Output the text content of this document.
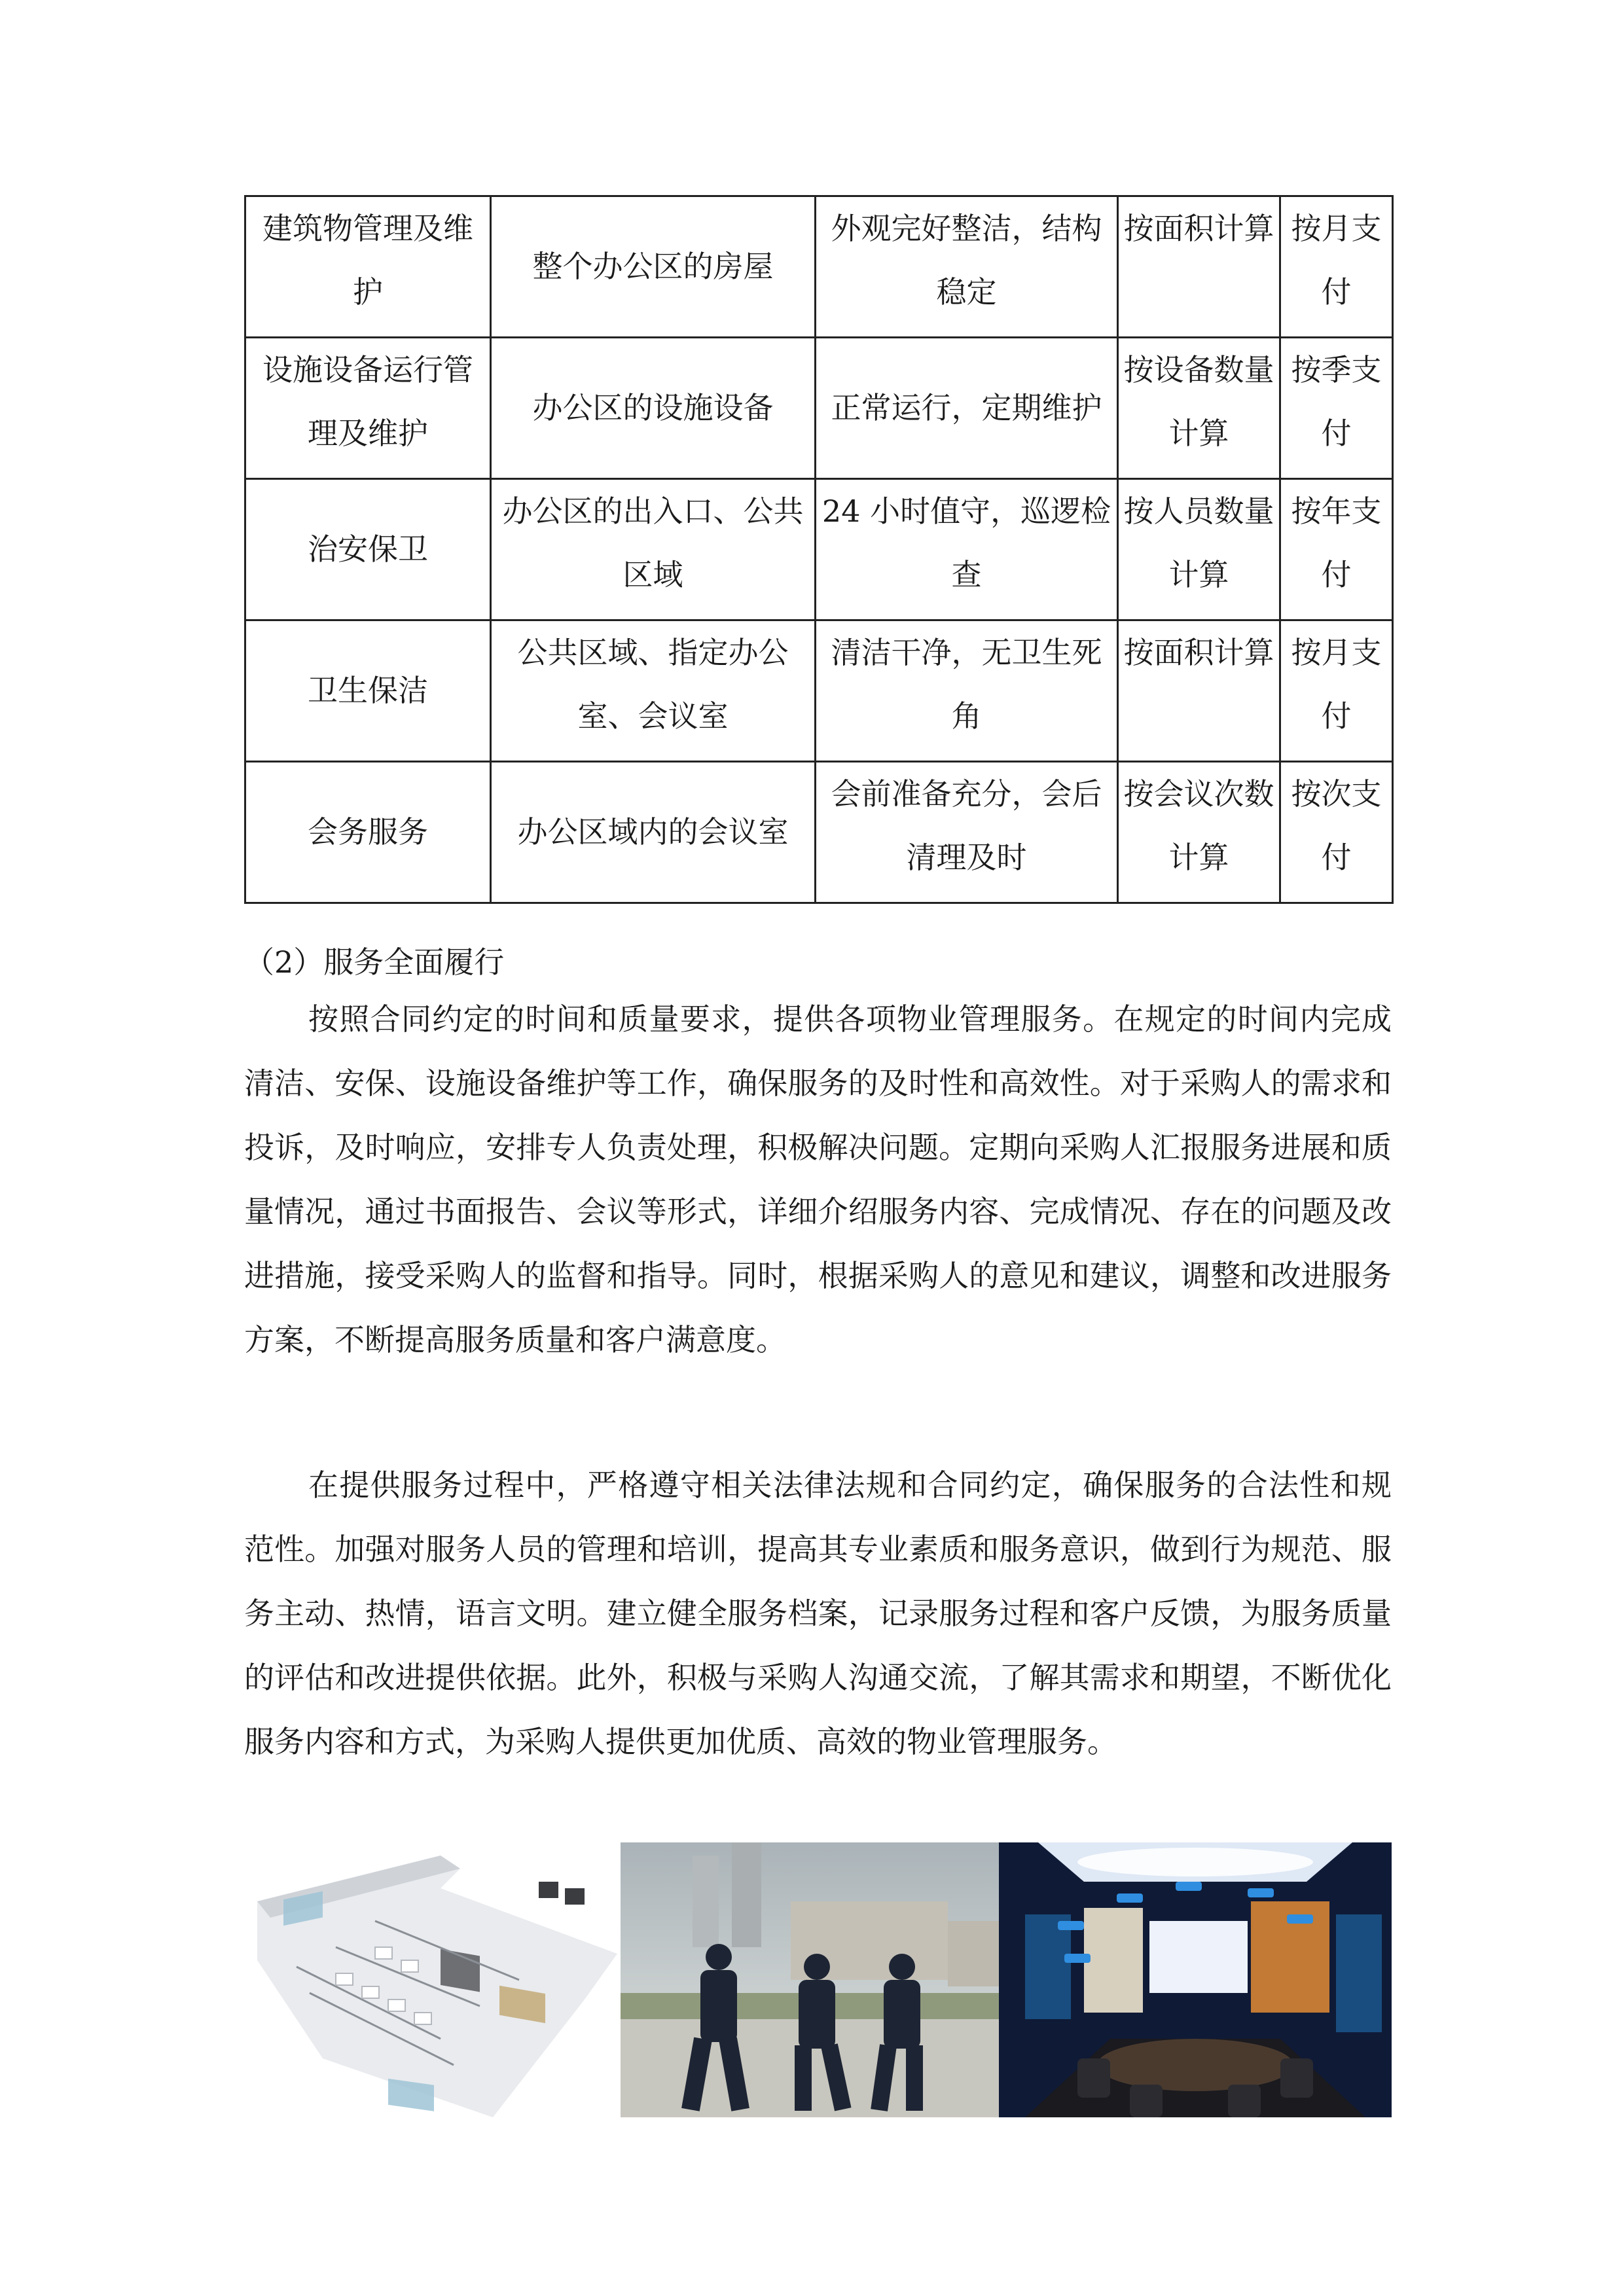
建筑物管理及维护	整个办公区的房屋	外观完好整洁，结构稳定	按面积计算	按月支付
设施设备运行管理及维护	办公区的设施设备	正常运行，定期维护	按设备数量计算	按季支付
治安保卫	办公区的出入口、公共区域	24 小时值守，巡逻检查	按人员数量计算	按年支付
卫生保洁	公共区域、指定办公室、会议室	清洁干净，无卫生死角	按面积计算	按月支付
会务服务	办公区域内的会议室	会前准备充分，会后清理及时	按会议次数计算	按次支付
（2）服务全面履行

按照合同约定的时间和质量要求，提供各项物业管理服务。在规定的时间内完成清洁、安保、设施设备维护等工作，确保服务的及时性和高效性。对于采购人的需求和投诉，及时响应，安排专人负责处理，积极解决问题。定期向采购人汇报服务进展和质量情况，通过书面报告、会议等形式，详细介绍服务内容、完成情况、存在的问题及改进措施，接受采购人的监督和指导。同时，根据采购人的意见和建议，调整和改进服务方案，不断提高服务质量和客户满意度。

在提供服务过程中，严格遵守相关法律法规和合同约定，确保服务的合法性和规范性。加强对服务人员的管理和培训，提高其专业素质和服务意识，做到行为规范、服务主动、热情，语言文明。建立健全服务档案，记录服务过程和客户反馈，为服务质量的评估和改进提供依据。此外，积极与采购人沟通交流，了解其需求和期望，不断优化服务内容和方式，为采购人提供更加优质、高效的物业管理服务。
